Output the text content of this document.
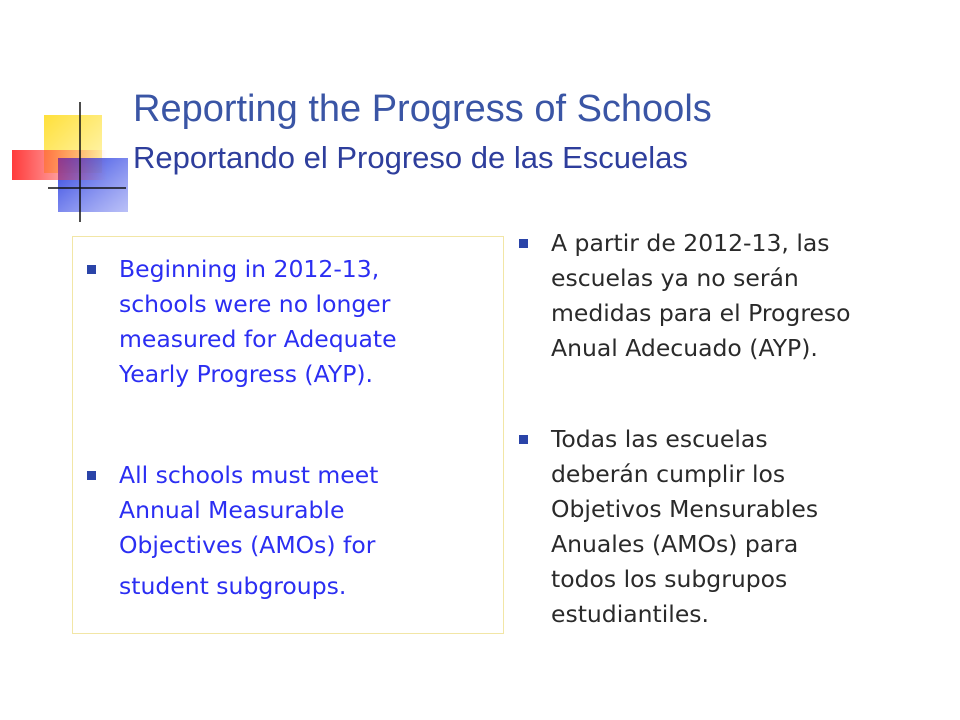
Reporting the Progress of Schools
Reportando el Progreso de las Escuelas
Beginning in 2012-13,
schools were no longer
measured for Adequate
Yearly Progress (AYP).
All schools must meet
Annual Measurable
Objectives (AMOs) for
student subgroups.
A partir de 2012-13, las
escuelas ya no serán
medidas para el Progreso
Anual Adecuado (AYP).
Todas las escuelas
deberán cumplir los
Objetivos Mensurables
Anuales (AMOs) para
todos los subgrupos
estudiantiles.
